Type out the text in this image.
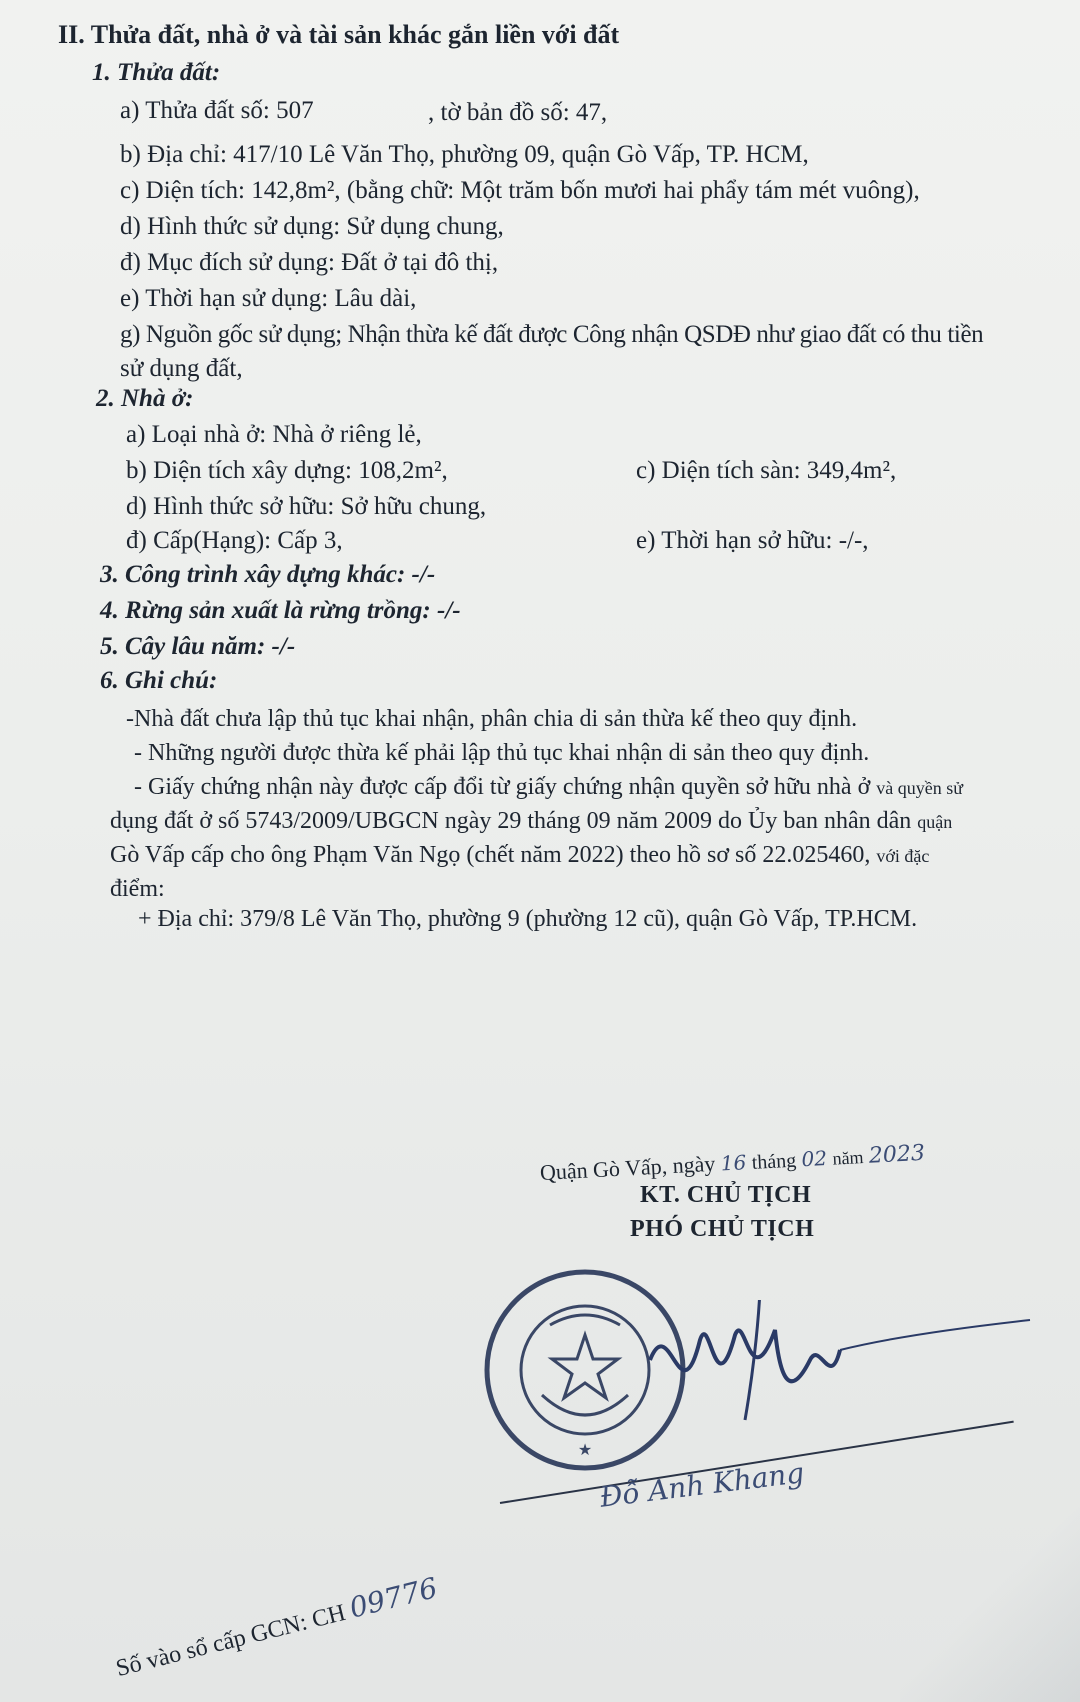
II. Thửa đất, nhà ở và tài sản khác gắn liền với đất
1. Thửa đất:
a) Thửa đất số: 507	, tờ bản đồ số: 47,
b) Địa chỉ: 417/10 Lê Văn Thọ, phường 09, quận Gò Vấp, TP. HCM,
c) Diện tích: 142,8m², (bằng chữ: Một trăm bốn mươi hai phẩy tám mét vuông),
d) Hình thức sử dụng: Sử dụng chung,
đ) Mục đích sử dụng: Đất ở tại đô thị,
e) Thời hạn sử dụng: Lâu dài,
g) Nguồn gốc sử dụng; Nhận thừa kế đất được Công nhận QSDĐ như giao đất có thu tiền
sử dụng đất,
2. Nhà ở:
a) Loại nhà ở: Nhà ở riêng lẻ,
b) Diện tích xây dựng: 108,2m²,	c) Diện tích sàn: 349,4m²,
d) Hình thức sở hữu: Sở hữu chung,
đ) Cấp(Hạng): Cấp 3,	e) Thời hạn sở hữu: -/-,
3. Công trình xây dựng khác: -/-
4. Rừng sản xuất là rừng trồng: -/-
5. Cây lâu năm: -/-
6. Ghi chú:
-Nhà đất chưa lập thủ tục khai nhận, phân chia di sản thừa kế theo quy định.
- Những người được thừa kế phải lập thủ tục khai nhận di sản theo quy định.
- Giấy chứng nhận này được cấp đổi từ giấy chứng nhận quyền sở hữu nhà ở và quyền sử
dụng đất ở số 5743/2009/UBGCN ngày 29 tháng 09 năm 2009 do Ủy ban nhân dân quận
Gò Vấp cấp cho ông Phạm Văn Ngọ (chết năm 2022) theo hồ sơ số 22.025460, với đặc
điểm:
+ Địa chỉ: 379/8 Lê Văn Thọ, phường 9 (phường 12 cũ), quận Gò Vấp, TP.HCM.
Quận Gò Vấp, ngày 16 tháng 02 năm 2023
KT. CHỦ TỊCH
PHÓ CHỦ TỊCH
★
Đỗ Anh Khang
Số vào sổ cấp GCN: CH 09776
